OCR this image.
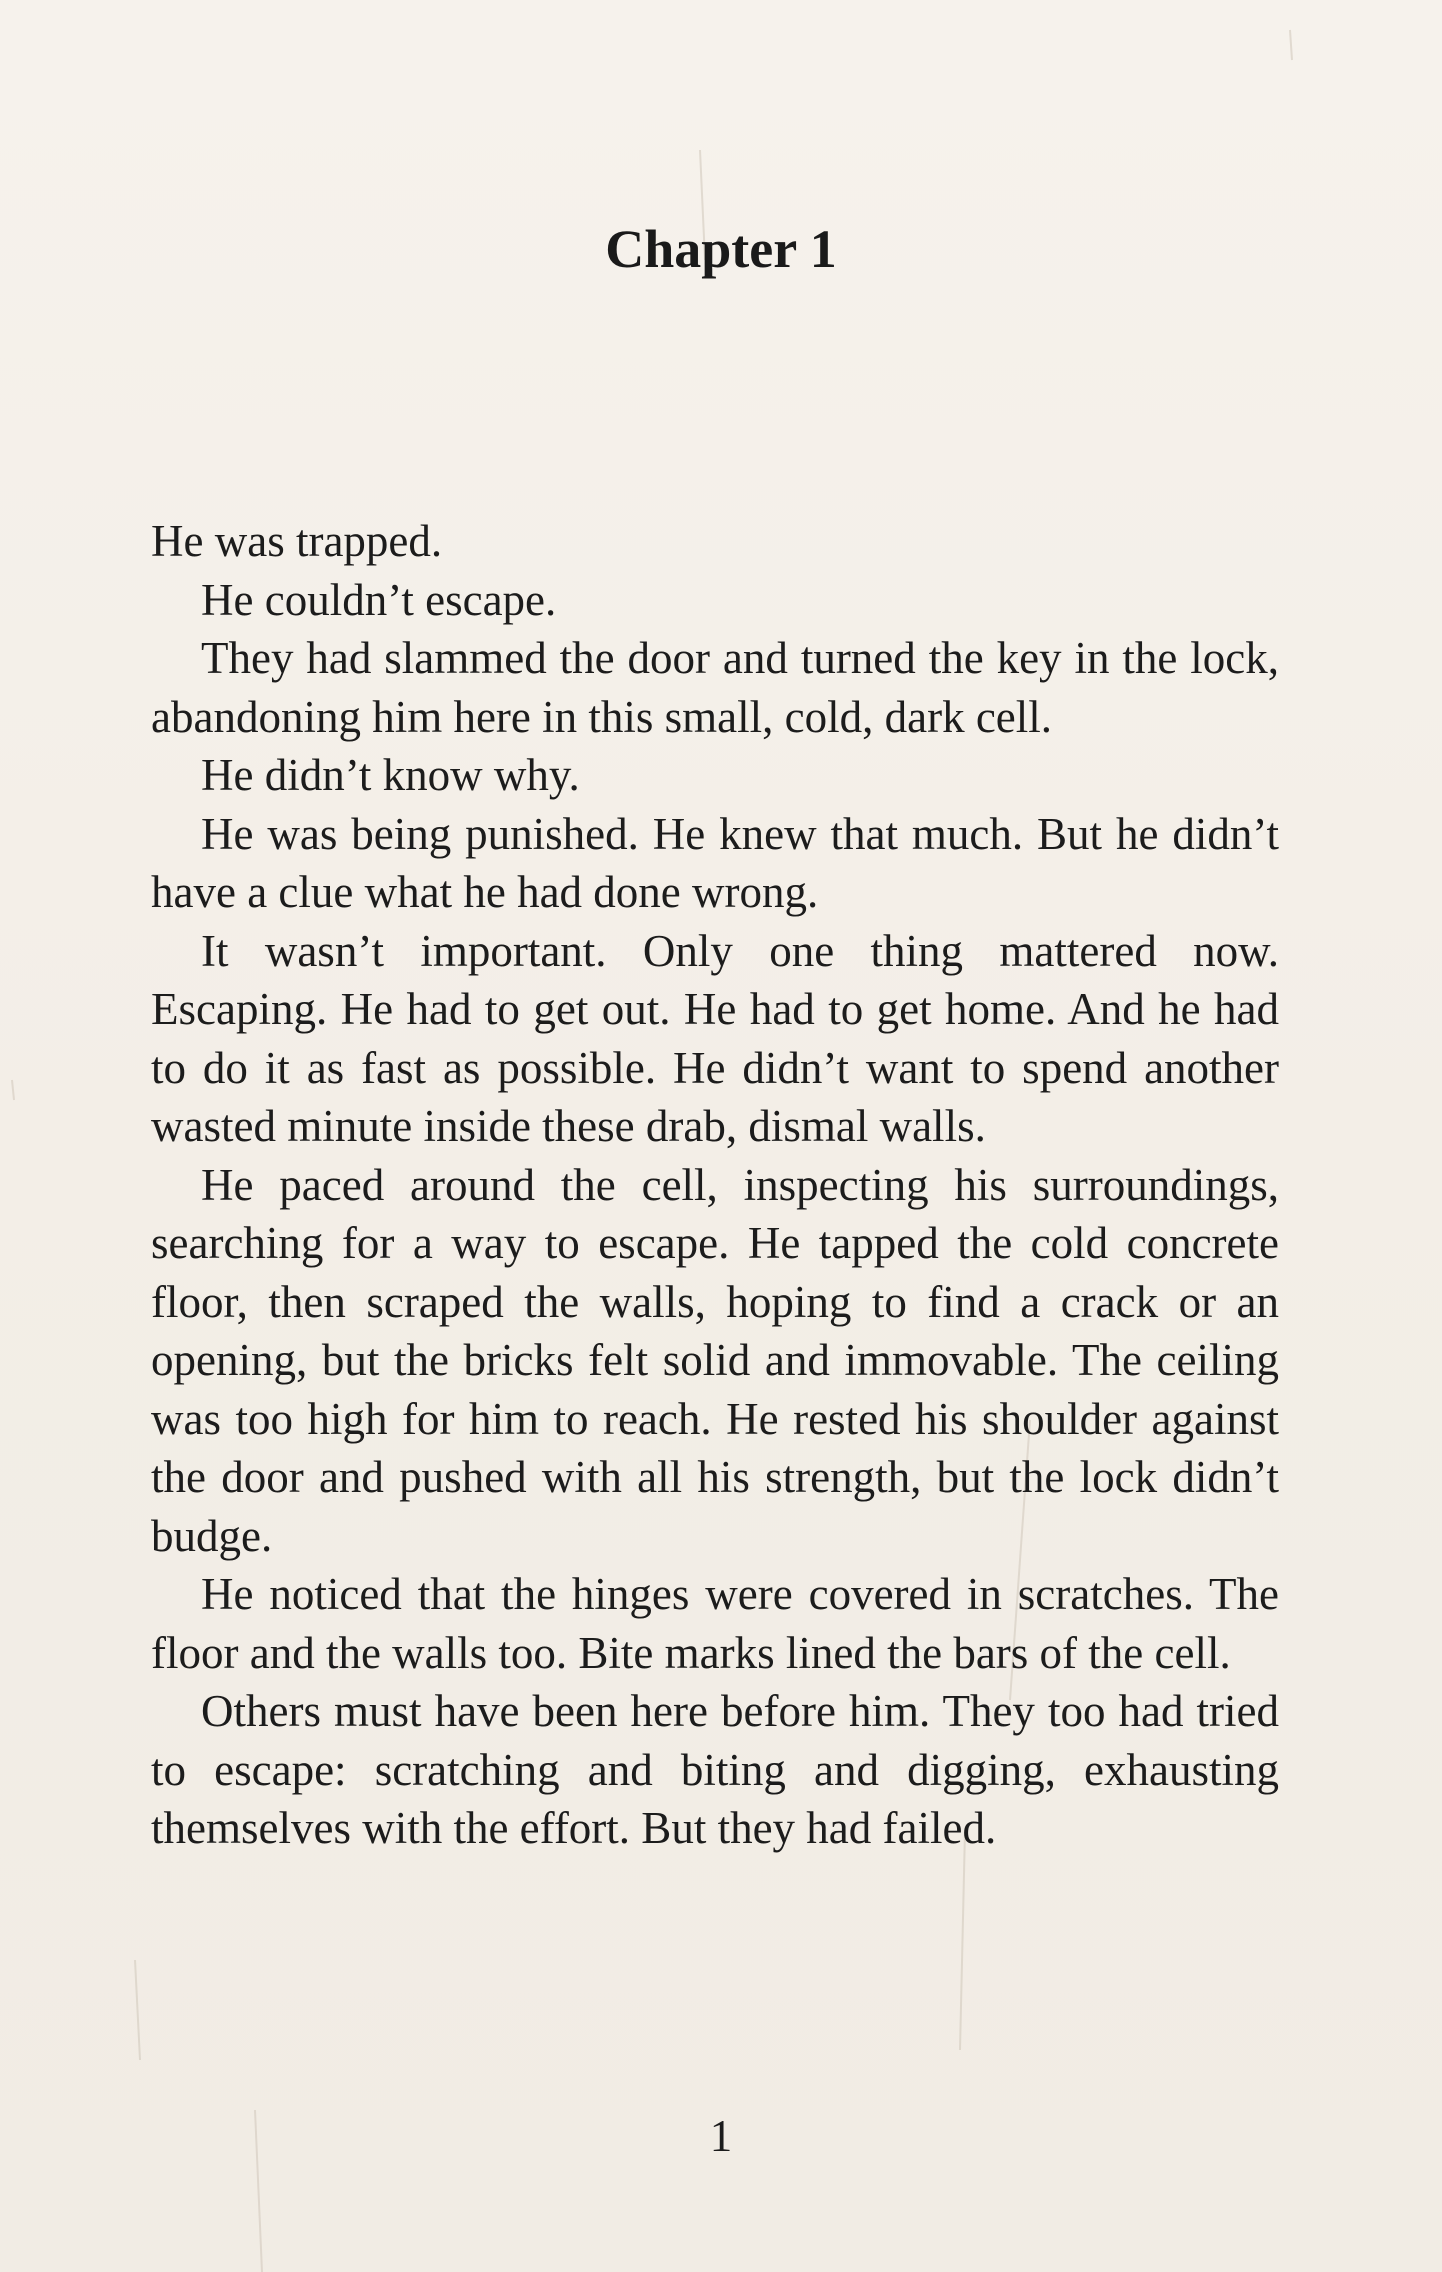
Chapter 1

He was trapped.

He couldn’t escape.

They had slammed the door and turned the key in the lock, abandoning him here in this small, cold, dark cell.

He didn’t know why.

He was being punished. He knew that much. But he didn’t have a clue what he had done wrong.

It wasn’t important. Only one thing mattered now. Escaping. He had to get out. He had to get home. And he had to do it as fast as possible. He didn’t want to spend another wasted minute inside these drab, dismal walls.

He paced around the cell, inspecting his surroundings, searching for a way to escape. He tapped the cold concrete floor, then scraped the walls, hoping to find a crack or an opening, but the bricks felt solid and immovable. The ceiling was too high for him to reach. He rested his shoulder against the door and pushed with all his strength, but the lock didn’t budge.

He noticed that the hinges were covered in scratches. The floor and the walls too. Bite marks lined the bars of the cell.

Others must have been here before him. They too had tried to escape: scratching and biting and digging, exhausting themselves with the effort. But they had failed.

1
